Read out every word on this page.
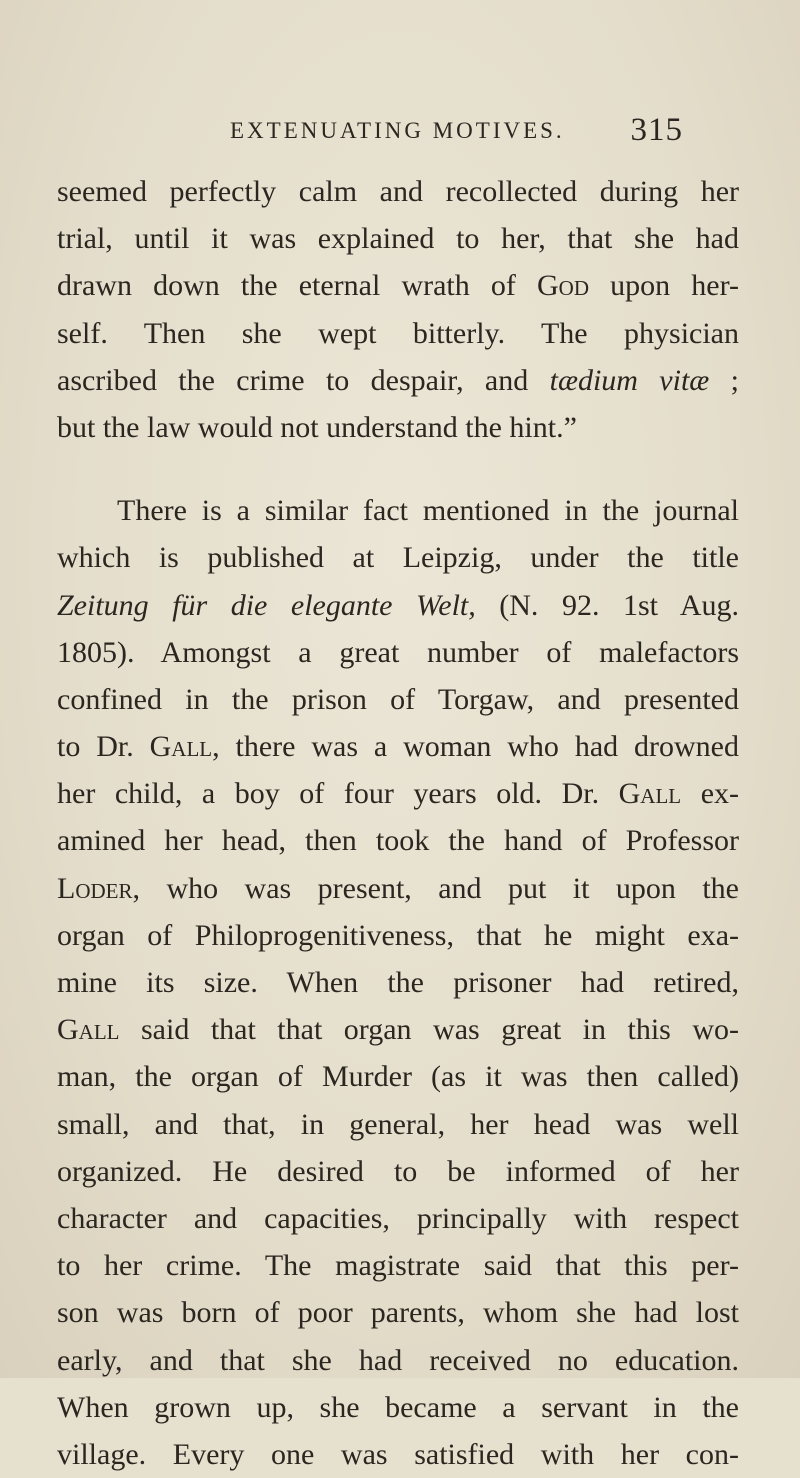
EXTENUATING MOTIVES. 315
seemed perfectly calm and recollected during her
trial, until it was explained to her, that she had
drawn down the eternal wrath of God upon her-
self. Then she wept bitterly. The physician
ascribed the crime to despair, and tædium vitæ ;
but the law would not understand the hint.”
There is a similar fact mentioned in the journal
which is published at Leipzig, under the title
Zeitung für die elegante Welt, (N. 92. 1st Aug.
1805). Amongst a great number of malefactors
confined in the prison of Torgaw, and presented
to Dr. Gall, there was a woman who had drowned
her child, a boy of four years old. Dr. Gall ex-
amined her head, then took the hand of Professor
Loder, who was present, and put it upon the
organ of Philoprogenitiveness, that he might exa-
mine its size. When the prisoner had retired,
Gall said that that organ was great in this wo-
man, the organ of Murder (as it was then called)
small, and that, in general, her head was well
organized. He desired to be informed of her
character and capacities, principally with respect
to her crime. The magistrate said that this per-
son was born of poor parents, whom she had lost
early, and that she had received no education.
When grown up, she became a servant in the
village. Every one was satisfied with her con-
